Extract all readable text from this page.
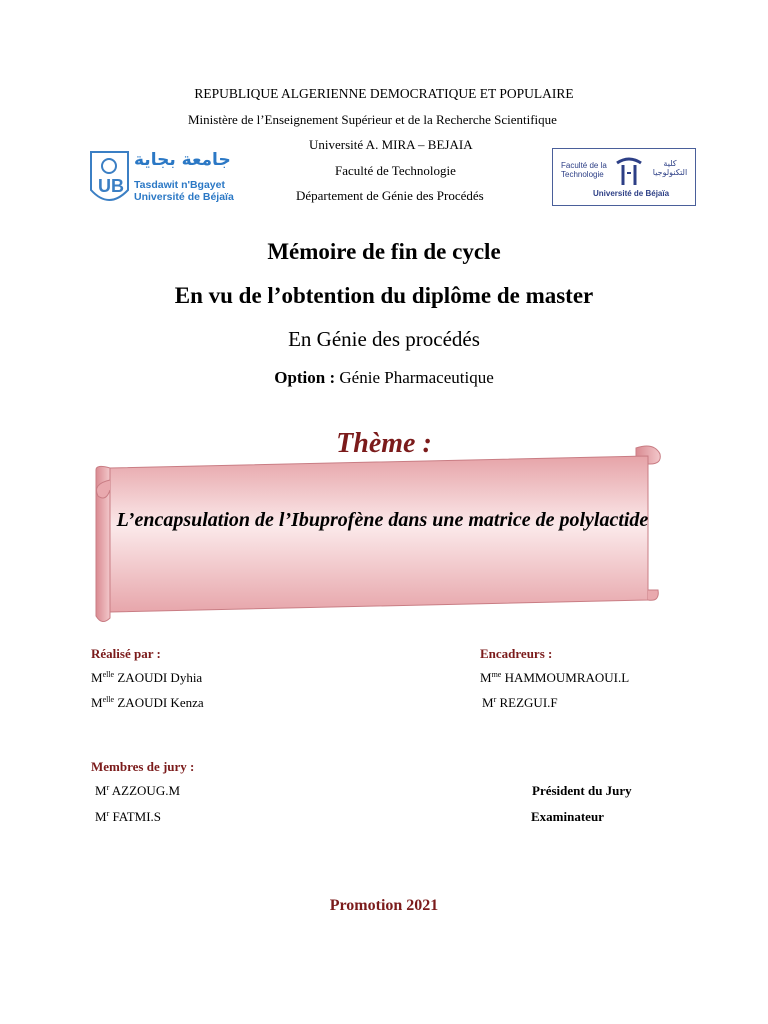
REPUBLIQUE ALGERIENNE DEMOCRATIQUE ET POPULAIRE
Ministère de l’Enseignement Supérieur et de la Recherche Scientifique
Université A. MIRA – BEJAIA
Faculté de Technologie
Département de Génie des Procédés
UB
جامعة بجاية
Tasdawit n'Bgayet
Université de Béjaïa
Faculté de la
Technologie
كلية التكنولوجيا
Université de Béjaïa
Mémoire de fin de cycle
En vu de l’obtention du diplôme de master
En Génie des procédés
Option : Génie Pharmaceutique
Thème :
L’encapsulation de l’Ibuprofène dans une matrice de polylactide
Réalisé par :
$M^{elle}$ ZAOUDI Dyhia
$M^{elle}$ ZAOUDI Kenza
Encadreurs :
$M^{me}$ HAMMOUMRAOUI.L
$M^r$ REZGUI.F
Membres de jury :
$M^r$ AZZOUG.M	Président du Jury
$M^r$ FATMI.S	Examinateur
Promotion 2021
